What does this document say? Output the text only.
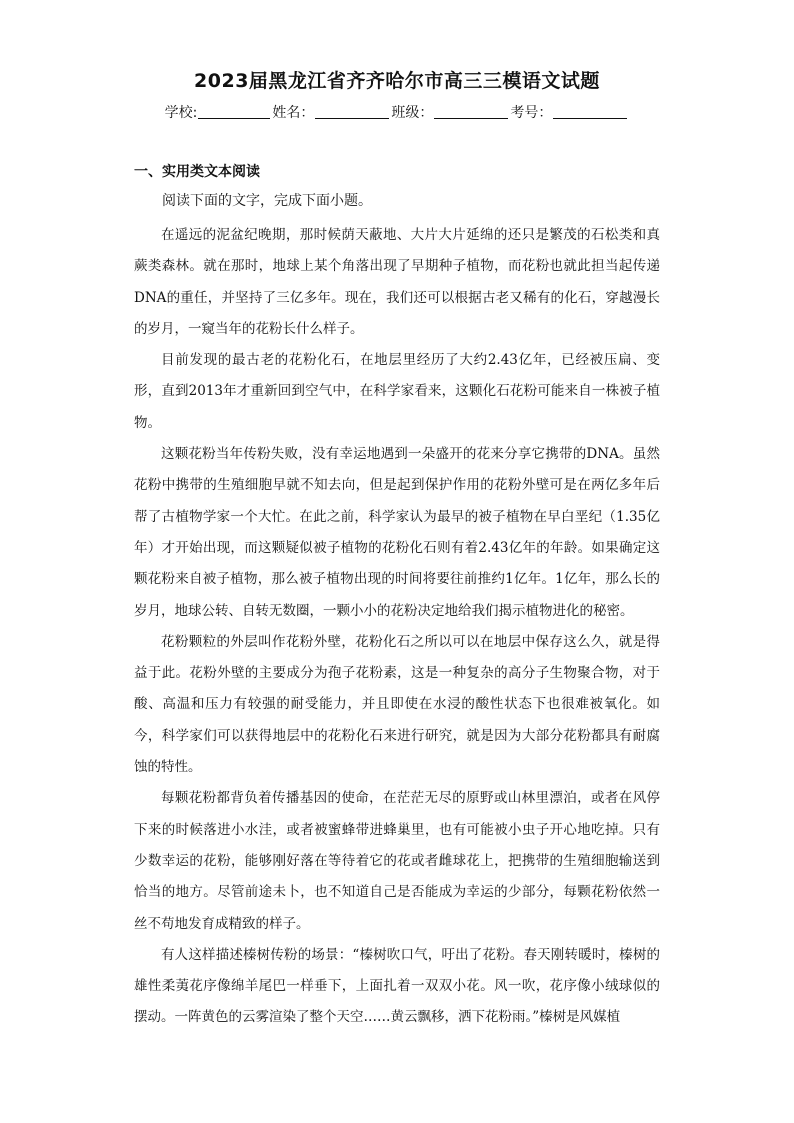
2023届黑龙江省齐齐哈尔市高三三模语文试题
学校:	姓名：	班级：	考号：
一、实用类文本阅读
阅读下面的文字，完成下面小题。

在遥远的泥盆纪晚期，那时候荫天蔽地、大片大片延绵的还只是繁茂的石松类和真蕨类森林。就在那时，地球上某个角落出现了早期种子植物，而花粉也就此担当起传递DNA的重任，并坚持了三亿多年。现在，我们还可以根据古老又稀有的化石，穿越漫长的岁月，一窥当年的花粉长什么样子。

目前发现的最古老的花粉化石，在地层里经历了大约2.43亿年，已经被压扁、变形，直到2013年才重新回到空气中，在科学家看来，这颗化石花粉可能来自一株被子植物。

这颗花粉当年传粉失败，没有幸运地遇到一朵盛开的花来分享它携带的DNA。虽然花粉中携带的生殖细胞早就不知去向，但是起到保护作用的花粉外壁可是在两亿多年后帮了古植物学家一个大忙。在此之前，科学家认为最早的被子植物在早白垩纪（1.35亿年）才开始出现，而这颗疑似被子植物的花粉化石则有着2.43亿年的年龄。如果确定这颗花粉来自被子植物，那么被子植物出现的时间将要往前推约1亿年。1亿年，那么长的岁月，地球公转、自转无数圈，一颗小小的花粉决定地给我们揭示植物进化的秘密。

花粉颗粒的外层叫作花粉外壁，花粉化石之所以可以在地层中保存这么久，就是得益于此。花粉外壁的主要成分为孢子花粉素，这是一种复杂的高分子生物聚合物，对于酸、高温和压力有较强的耐受能力，并且即使在水浸的酸性状态下也很难被氧化。如今，科学家们可以获得地层中的花粉化石来进行研究，就是因为大部分花粉都具有耐腐蚀的特性。

每颗花粉都背负着传播基因的使命，在茫茫无尽的原野或山林里漂泊，或者在风停下来的时候落进小水洼，或者被蜜蜂带进蜂巢里，也有可能被小虫子开心地吃掉。只有少数幸运的花粉，能够刚好落在等待着它的花或者雌球花上，把携带的生殖细胞输送到恰当的地方。尽管前途未卜，也不知道自己是否能成为幸运的少部分，每颗花粉依然一丝不苟地发育成精致的样子。

有人这样描述榛树传粉的场景：“榛树吹口气，吁出了花粉。春天刚转暖时，榛树的雄性柔荑花序像绵羊尾巴一样垂下，上面扎着一双双小花。风一吹，花序像小绒球似的摆动。一阵黄色的云雾渲染了整个天空……黄云飘移，洒下花粉雨。”榛树是风媒植
